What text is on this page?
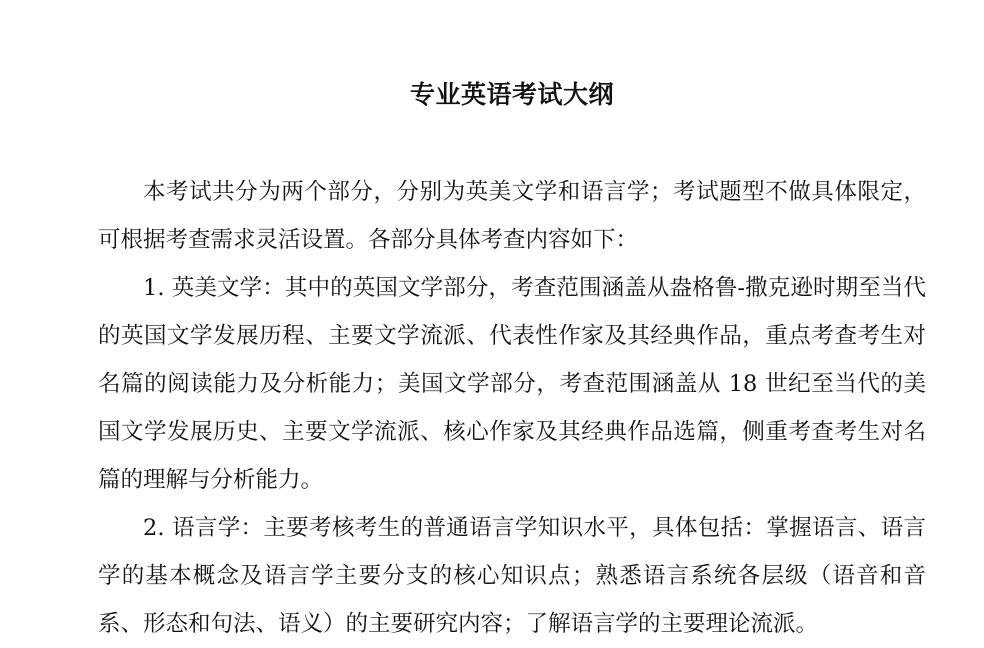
专业英语考试大纲

本考试共分为两个部分，分别为英美文学和语言学；考试题型不做具体限定，可根据考查需求灵活设置。各部分具体考查内容如下：

1. 英美文学：其中的英国文学部分，考查范围涵盖从盎格鲁-撒克逊时期至当代的英国文学发展历程、主要文学流派、代表性作家及其经典作品，重点考查考生对名篇的阅读能力及分析能力；美国文学部分，考查范围涵盖从 18 世纪至当代的美国文学发展历史、主要文学流派、核心作家及其经典作品选篇，侧重考查考生对名篇的理解与分析能力。

2. 语言学：主要考核考生的普通语言学知识水平，具体包括：掌握语言、语言学的基本概念及语言学主要分支的核心知识点；熟悉语言系统各层级（语音和音系、形态和句法、语义）的主要研究内容；了解语言学的主要理论流派。
